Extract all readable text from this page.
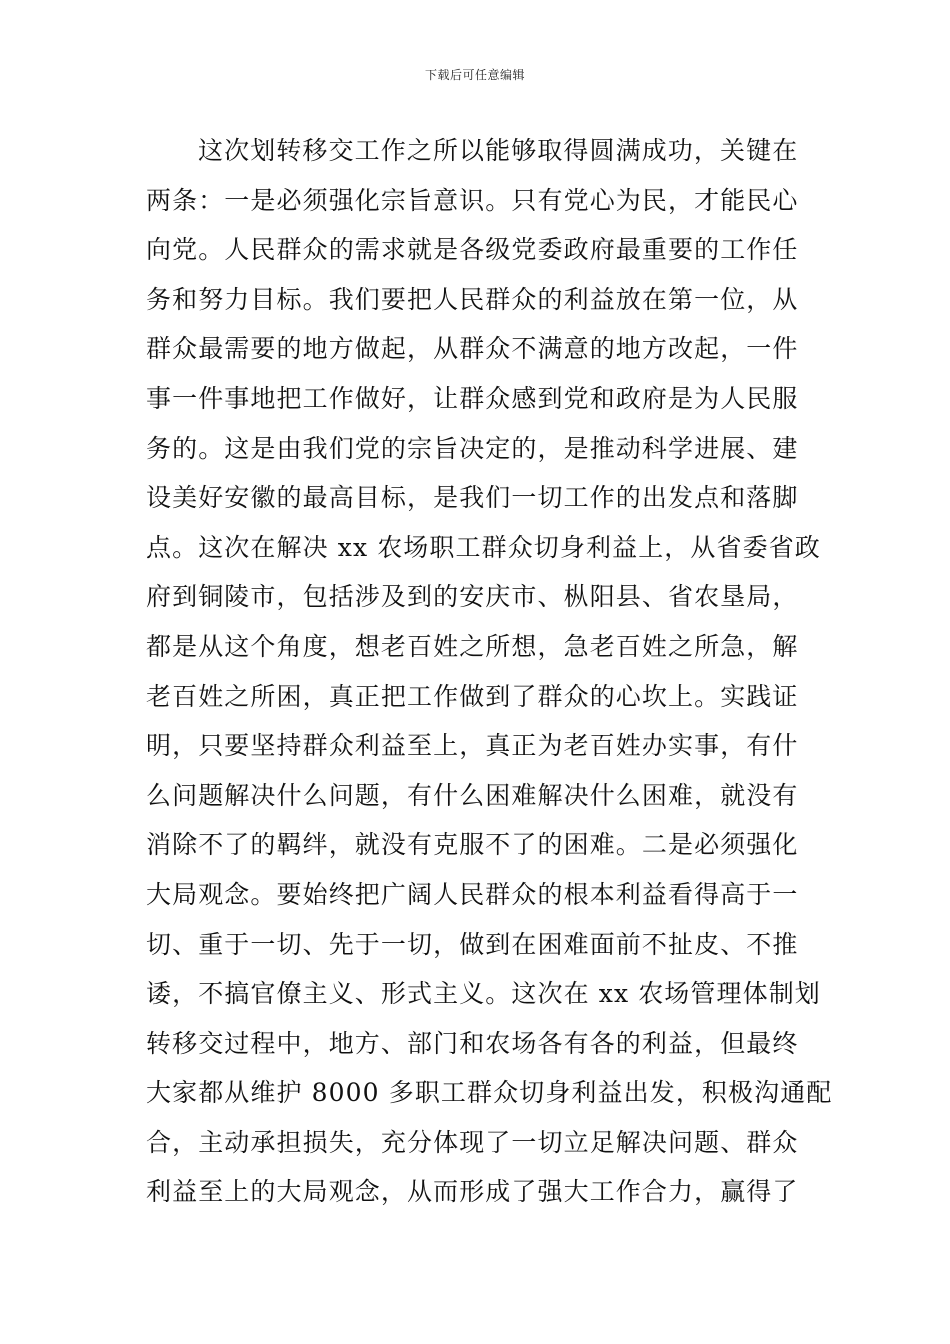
下载后可任意编辑
这次划转移交工作之所以能够取得圆满成功，关键在
两条：一是必须强化宗旨意识。只有党心为民，才能民心
向党。人民群众的需求就是各级党委政府最重要的工作任
务和努力目标。我们要把人民群众的利益放在第一位，从
群众最需要的地方做起，从群众不满意的地方改起，一件
事一件事地把工作做好，让群众感到党和政府是为人民服
务的。这是由我们党的宗旨决定的，是推动科学进展、建
设美好安徽的最高目标，是我们一切工作的出发点和落脚
点。这次在解决 xx 农场职工群众切身利益上，从省委省政
府到铜陵市，包括涉及到的安庆市、枞阳县、省农垦局，
都是从这个角度，想老百姓之所想，急老百姓之所急，解
老百姓之所困，真正把工作做到了群众的心坎上。实践证
明，只要坚持群众利益至上，真正为老百姓办实事，有什
么问题解决什么问题，有什么困难解决什么困难，就没有
消除不了的羁绊，就没有克服不了的困难。二是必须强化
大局观念。要始终把广阔人民群众的根本利益看得高于一
切、重于一切、先于一切，做到在困难面前不扯皮、不推
诿，不搞官僚主义、形式主义。这次在 xx 农场管理体制划
转移交过程中，地方、部门和农场各有各的利益，但最终
大家都从维护 8000 多职工群众切身利益出发，积极沟通配
合，主动承担损失，充分体现了一切立足解决问题、群众
利益至上的大局观念，从而形成了强大工作合力，赢得了
